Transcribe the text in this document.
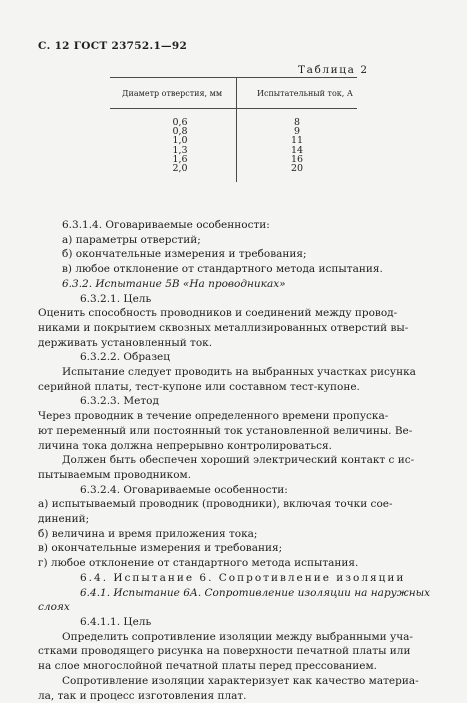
С. 12 ГОСТ 23752.1—92
Таблица 2
Диаметр отверстия, мм	Испытательный ток, А
0,6
0,8
1,0
1,3
1,6
2,0
8
9
11
14
16
20

6.3.1.4. Оговариваемые особенности:

а) параметры отверстий;

б) окончательные измерения и требования;

в) любое отклонение от стандартного метода испытания.

6.3.2. Испытание 5В «На проводниках»

6.3.2.1. Цель

Оценить способность проводников и соединений между провод-

никами и покрытием сквозных металлизированных отверстий вы-

держивать установленный ток.

6.3.2.2. Образец

Испытание следует проводить на выбранных участках рисунка

серийной платы, тест-купоне или составном тест-купоне.

6.3.2.3. Метод

Через проводник в течение определенного времени пропуска-

ют переменный или постоянный ток установленной величины. Ве-

личина тока должна непрерывно контролироваться.

Должен быть обеспечен хороший электрический контакт с ис-

пытываемым проводником.

6.3.2.4. Оговариваемые особенности:

а) испытываемый проводник (проводники), включая точки сое-

динений;

б) величина и время приложения тока;

в) окончательные измерения и требования;

г) любое отклонение от стандартного метода испытания.

6.4. Испытание 6. Сопротивление изоляции

6.4.1. Испытание 6А. Сопротивление изоляции на наружных

слоях

6.4.1.1. Цель

Определить сопротивление изоляции между выбранными уча-

стками проводящего рисунка на поверхности печатной платы или

на слое многослойной печатной платы перед прессованием.

Сопротивление изоляции характеризует как качество материа-

ла, так и процесс изготовления плат.
